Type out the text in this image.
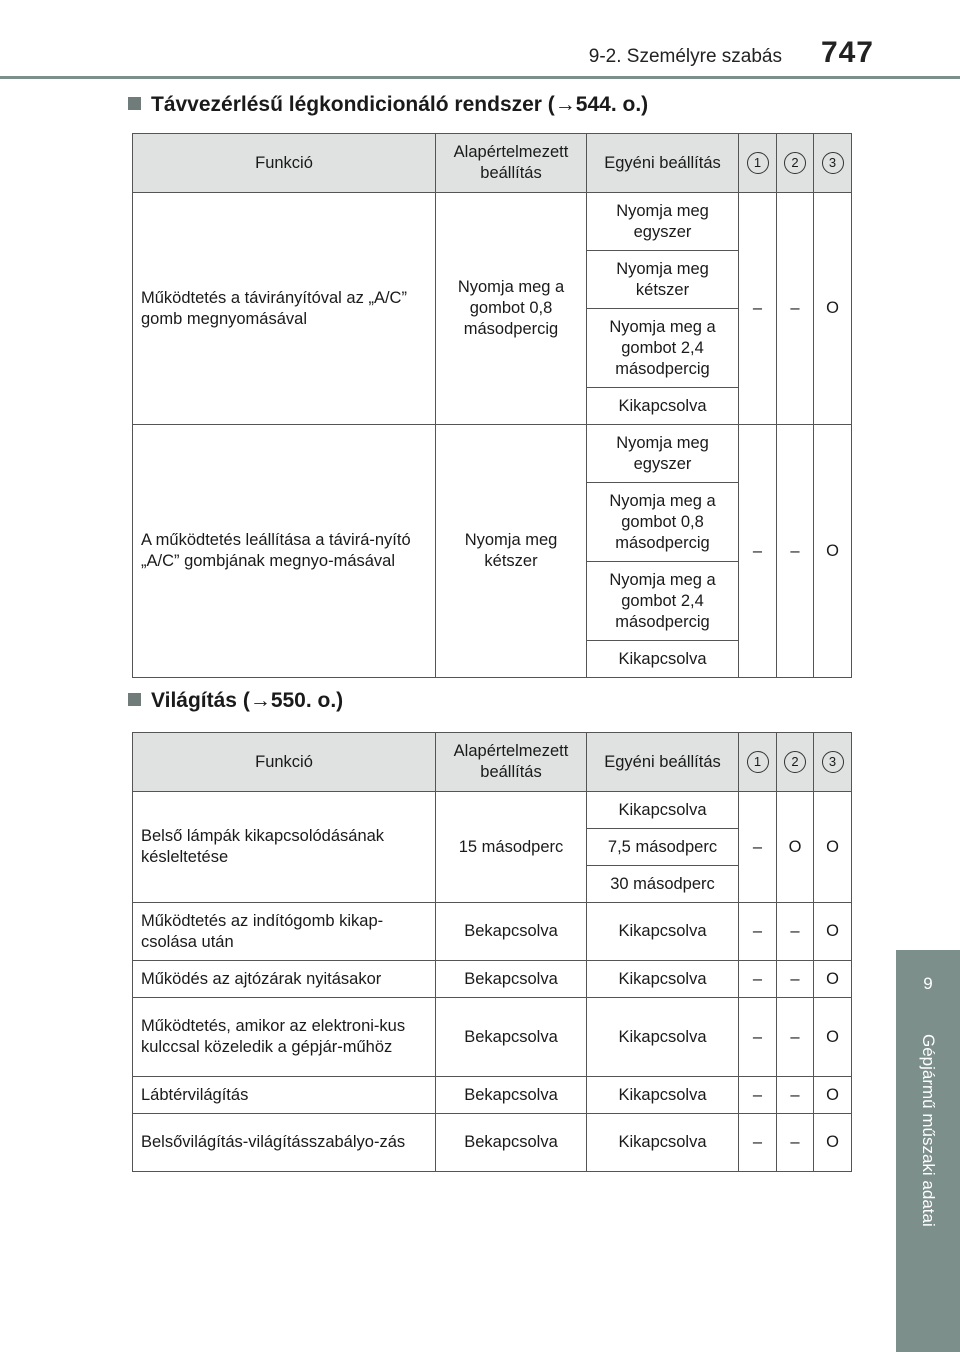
9-2. Személyre szabás 747
9
Gépjármű műszaki adatai
Távvezérlésű légkondicionáló rendszer (→544. o.)
Funkció	Alapértelmezett beállítás	Egyéni beállítás	1	2	3
Működtetés a távirányítóval az „A/C” gomb megnyomásával	Nyomja meg a gombot 0,8 másodpercig	Nyomja meg egyszer	–	–	O
		Nyomja meg kétszer			
		Nyomja meg a gombot 2,4 másodpercig			
		Kikapcsolva			
A működtetés leállítása a távirá-nyító „A/C” gombjának megnyo-másával	Nyomja meg kétszer	Nyomja meg egyszer	–	–	O
		Nyomja meg a gombot 0,8 másodpercig			
		Nyomja meg a gombot 2,4 másodpercig			
		Kikapcsolva			
Világítás (→550. o.)
Funkció	Alapértelmezett beállítás	Egyéni beállítás	1	2	3
Belső lámpák kikapcsolódásának késleltetése	15 másodperc	Kikapcsolva	–	O	O
		7,5 másodperc			
		30 másodperc			
Működtetés az indítógomb kikap-csolása után	Bekapcsolva	Kikapcsolva	–	–	O
Működés az ajtózárak nyitásakor	Bekapcsolva	Kikapcsolva	–	–	O
Működtetés, amikor az elektroni-kus kulccsal közeledik a gépjár-műhöz	Bekapcsolva	Kikapcsolva	–	–	O
Lábtérvilágítás	Bekapcsolva	Kikapcsolva	–	–	O
Belsővilágítás-világításszabályo-zás	Bekapcsolva	Kikapcsolva	–	–	O
